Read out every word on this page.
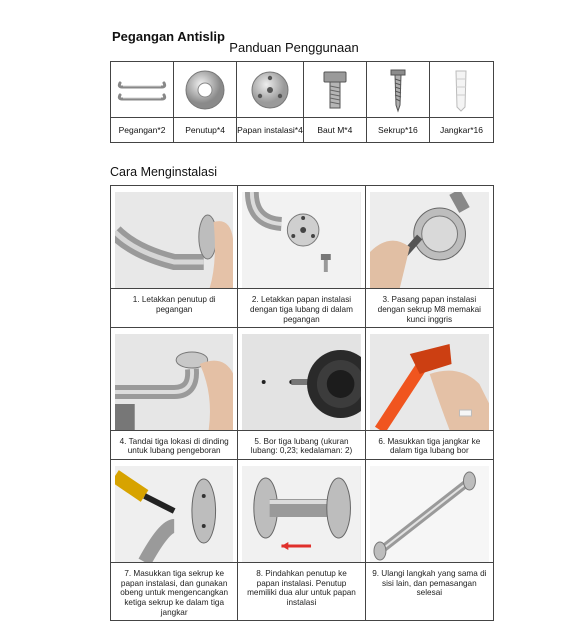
Pegangan Antislip
Panduan Penggunaan
Pegangan*2	Penutup*4	Papan instalasi*4	Baut M*4	Sekrup*16	Jangkar*16
Cara Menginstalasi
1. Letakkan penutup di pegangan
2. Letakkan papan instalasi dengan tiga lubang di dalam pegangan
3. Pasang papan instalasi dengan sekrup M8 memakai kunci inggris
4. Tandai tiga lokasi di dinding untuk lubang pengeboran
5. Bor tiga lubang (ukuran lubang: 0,23; kedalaman: 2)
6. Masukkan tiga jangkar ke dalam tiga lubang bor
7. Masukkan tiga sekrup ke papan instalasi, dan gunakan obeng untuk mengencangkan ketiga sekrup ke dalam tiga jangkar
8. Pindahkan penutup ke papan instalasi. Penutup memiliki dua alur untuk papan instalasi
9. Ulangi langkah yang sama di sisi lain, dan pemasangan selesai
